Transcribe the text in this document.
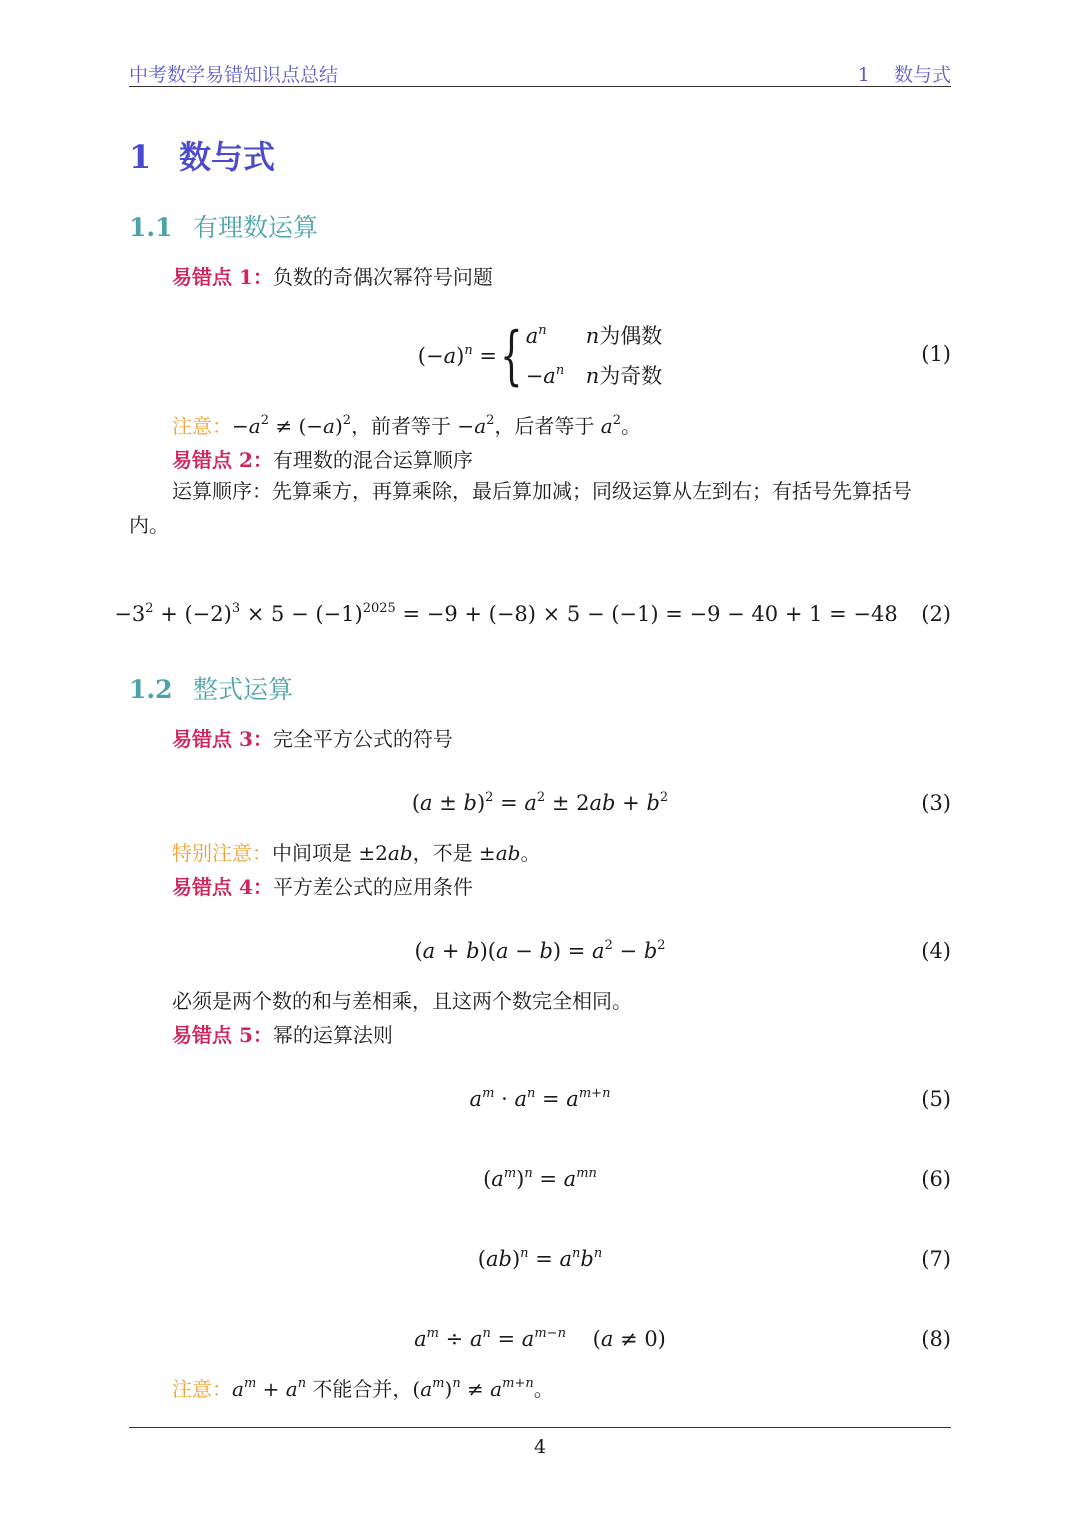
中考数学易错知识点总结	1 数与式
1 数与式
1.1 有理数运算
易错点 1：负数的奇偶次幂符号问题
$(-a)^n$ ={ $a^n$ n为偶数
$-a^n$ n为奇数
(1)
注意：$-a^2 \ne (-a)^2$，前者等于 $-a^2$，后者等于 $a^2$。
易错点 2：有理数的混合运算顺序
运算顺序：先算乘方，再算乘除，最后算加减；同级运算从左到右；有括号先算括号内。
$-3^2 + (-2)^3 \times 5 - (-1)^{2025} = -9 + (-8) \times 5 - (-1) = -9 - 40 + 1 = -48$	(2)
1.2 整式运算
易错点 3：完全平方公式的符号
$(a \pm b)^2 = a^2 \pm 2ab + b^2$	(3)
特别注意：中间项是 ±2ab，不是 ±ab。
易错点 4：平方差公式的应用条件
$(a + b)(a - b) = a^2 - b^2$	(4)
必须是两个数的和与差相乘，且这两个数完全相同。
易错点 5：幂的运算法则
$a^m \cdot a^n = a^{m+n}$	(5)
$(a^m)^n = a^{mn}$	(6)
$(ab)^n = a^nb^n$	(7)
$a^m \div a^n = a^{m-n}$    (a ≠ 0)	(8)
注意：$a^m + a^n$ 不能合并，$(a^m)^n \ne a^{m+n}$。
4
